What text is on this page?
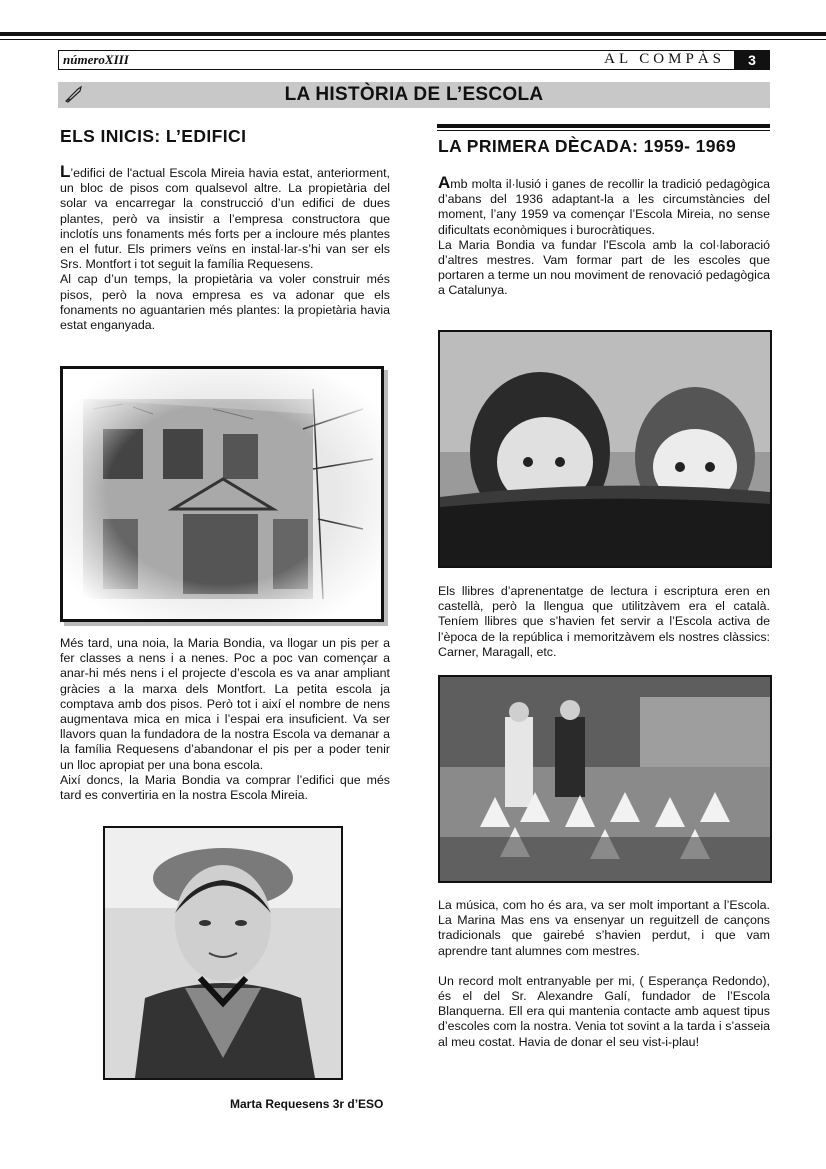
númeroXIII	AL COMPÀS	3
LA HISTÒRIA DE L’ESCOLA
ELS INICIS: L’EDIFICI

L’edifici de l'actual Escola Mireia havia estat, anteriorment, un bloc de pisos com qualsevol altre. La propietària del solar va encarregar la construcció d’un edifici de dues plantes, però va insistir a l’empresa constructora que inclotís uns fonaments més forts per a incloure més plantes en el futur. Els primers veïns en instal·lar-s’hi van ser els Srs. Montfort i tot seguit la família Requesens.

Al cap d’un temps, la propietària va voler construir més pisos, però la nova empresa es va adonar que els fonaments no aguantarien més plantes: la propietària havia estat enganyada.

Més tard, una noia, la Maria Bondia, va llogar un pis per a fer classes a nens i a nenes. Poc a poc van començar a anar-hi més nens i el projecte d’escola es va anar ampliant gràcies a la marxa dels Montfort. La petita escola ja comptava amb dos pisos. Però tot i així el nombre de nens augmentava mica en mica i l’espai era insuficient. Va ser llavors quan la fundadora de la nostra Escola va demanar a la família Requesens d’abandonar el pis per a poder tenir un lloc apropiat per una bona escola.

Així doncs, la Maria Bondia va comprar l’edifici que més tard es convertiria en la nostra Escola Mireia.

Marta Requesens 3r d’ESO
LA PRIMERA DÈCADA: 1959- 1969

Amb molta il·lusió i ganes de recollir la tradició pedagògica d’abans del 1936 adaptant-la a les circumstàncies del moment, l’any 1959 va començar l’Escola Mireia, no sense dificultats econòmiques i burocràtiques.

La Maria Bondia va fundar l'Escola amb la col·laboració d’altres mestres. Vam formar part de les escoles que portaren a terme un nou moviment de renovació pedagògica a Catalunya.

Els llibres d’aprenentatge de lectura i escriptura eren en castellà, però la llengua que utilitzàvem era el català. Teníem llibres que s’havien fet servir a l’Escola activa de l’època de la república i memoritzàvem els nostres clàssics: Carner, Maragall, etc.

La música, com ho és ara, va ser molt important a l’Escola. La Marina Mas ens va ensenyar un reguitzell de cançons tradicionals que gairebé s’havien perdut, i que vam aprendre tant alumnes com mestres.

Un record molt entranyable per mi, ( Esperança Redondo), és el del Sr. Alexandre Galí, fundador de l’Escola Blanquerna. Ell era qui mantenia contacte amb aquest tipus d’escoles com la nostra. Venia tot sovint a la tarda i s’asseia al meu costat. Havia de donar el seu vist-i-plau!
